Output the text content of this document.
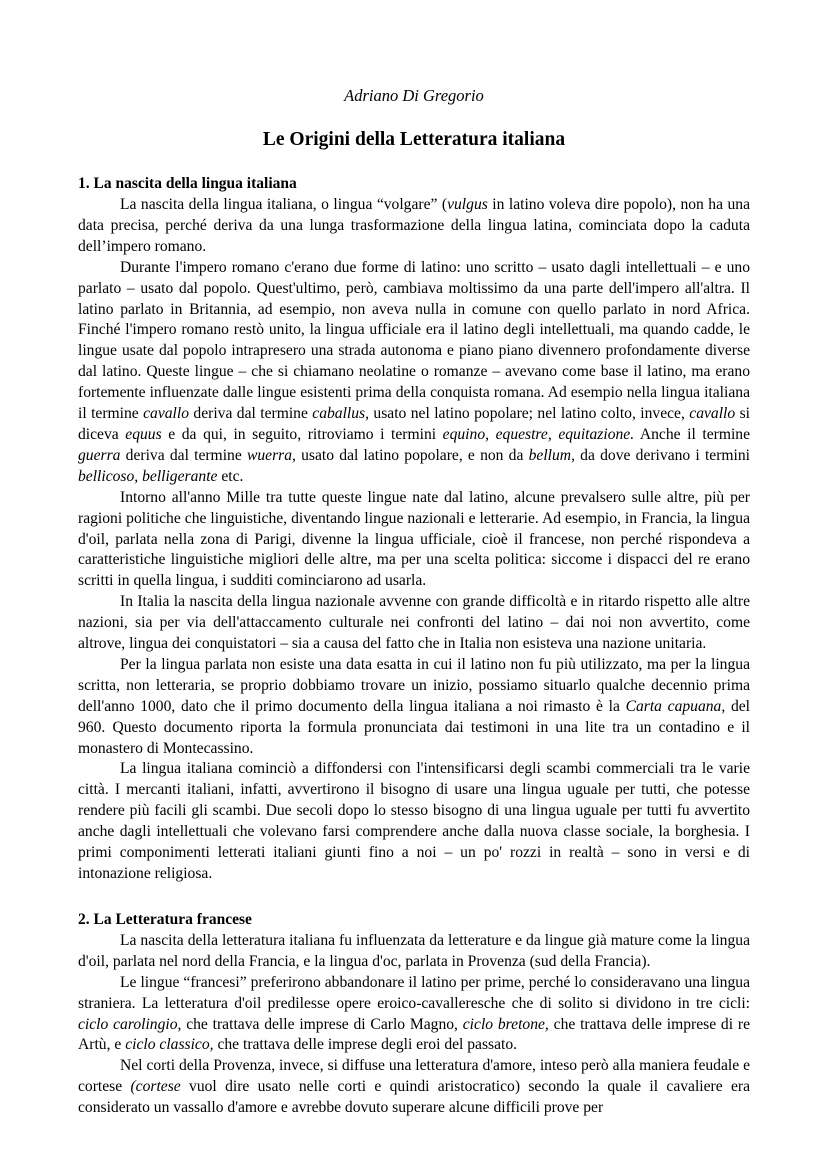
Adriano Di Gregorio
Le Origini della Letteratura italiana
1. La nascita della lingua italiana

La nascita della lingua italiana, o lingua “volgare” (vulgus in latino voleva dire popolo), non ha una data precisa, perché deriva da una lunga trasformazione della lingua latina, cominciata dopo la caduta dell’impero romano.

Durante l'impero romano c'erano due forme di latino: uno scritto – usato dagli intellettuali – e uno parlato – usato dal popolo. Quest'ultimo, però, cambiava moltissimo da una parte dell'impero all'altra. Il latino parlato in Britannia, ad esempio, non aveva nulla in comune con quello parlato in nord Africa. Finché l'impero romano restò unito, la lingua ufficiale era il latino degli intellettuali, ma quando cadde, le lingue usate dal popolo intrapresero una strada autonoma e piano piano divennero profondamente diverse dal latino. Queste lingue – che si chiamano neolatine o romanze – avevano come base il latino, ma erano fortemente influenzate dalle lingue esistenti prima della conquista romana. Ad esempio nella lingua italiana il termine cavallo deriva dal termine caballus, usato nel latino popolare; nel latino colto, invece, cavallo si diceva equus e da qui, in seguito, ritroviamo i termini equino, equestre, equitazione. Anche il termine guerra deriva dal termine wuerra, usato dal latino popolare, e non da bellum, da dove derivano i termini bellicoso, belligerante etc.

Intorno all'anno Mille tra tutte queste lingue nate dal latino, alcune prevalsero sulle altre, più per ragioni politiche che linguistiche, diventando lingue nazionali e letterarie. Ad esempio, in Francia, la lingua d'oil, parlata nella zona di Parigi, divenne la lingua ufficiale, cioè il francese, non perché rispondeva a caratteristiche linguistiche migliori delle altre, ma per una scelta politica: siccome i dispacci del re erano scritti in quella lingua, i sudditi cominciarono ad usarla.

In Italia la nascita della lingua nazionale avvenne con grande difficoltà e in ritardo rispetto alle altre nazioni, sia per via dell'attaccamento culturale nei confronti del latino – dai noi non avvertito, come altrove, lingua dei conquistatori – sia a causa del fatto che in Italia non esisteva una nazione unitaria.

Per la lingua parlata non esiste una data esatta in cui il latino non fu più utilizzato, ma per la lingua scritta, non letteraria, se proprio dobbiamo trovare un inizio, possiamo situarlo qualche decennio prima dell'anno 1000, dato che il primo documento della lingua italiana a noi rimasto è la Carta capuana, del 960. Questo documento riporta la formula pronunciata dai testimoni in una lite tra un contadino e il monastero di Montecassino.

La lingua italiana cominciò a diffondersi con l'intensificarsi degli scambi commerciali tra le varie città. I mercanti italiani, infatti, avvertirono il bisogno di usare una lingua uguale per tutti, che potesse rendere più facili gli scambi. Due secoli dopo lo stesso bisogno di una lingua uguale per tutti fu avvertito anche dagli intellettuali che volevano farsi comprendere anche dalla nuova classe sociale, la borghesia. I primi componimenti letterati italiani giunti fino a noi – un po' rozzi in realtà – sono in versi e di intonazione religiosa.

2. La Letteratura francese

La nascita della letteratura italiana fu influenzata da letterature e da lingue già mature come la lingua d'oil, parlata nel nord della Francia, e la lingua d'oc, parlata in Provenza (sud della Francia).

Le lingue “francesi” preferirono abbandonare il latino per prime, perché lo consideravano una lingua straniera. La letteratura d'oil predilesse opere eroico-cavalleresche che di solito si dividono in tre cicli: ciclo carolingio, che trattava delle imprese di Carlo Magno, ciclo bretone, che trattava delle imprese di re Artù, e ciclo classico, che trattava delle imprese degli eroi del passato.

Nel corti della Provenza, invece, si diffuse una letteratura d'amore, inteso però alla maniera feudale e cortese (cortese vuol dire usato nelle corti e quindi aristocratico) secondo la quale il cavaliere era considerato un vassallo d'amore e avrebbe dovuto superare alcune difficili prove per
